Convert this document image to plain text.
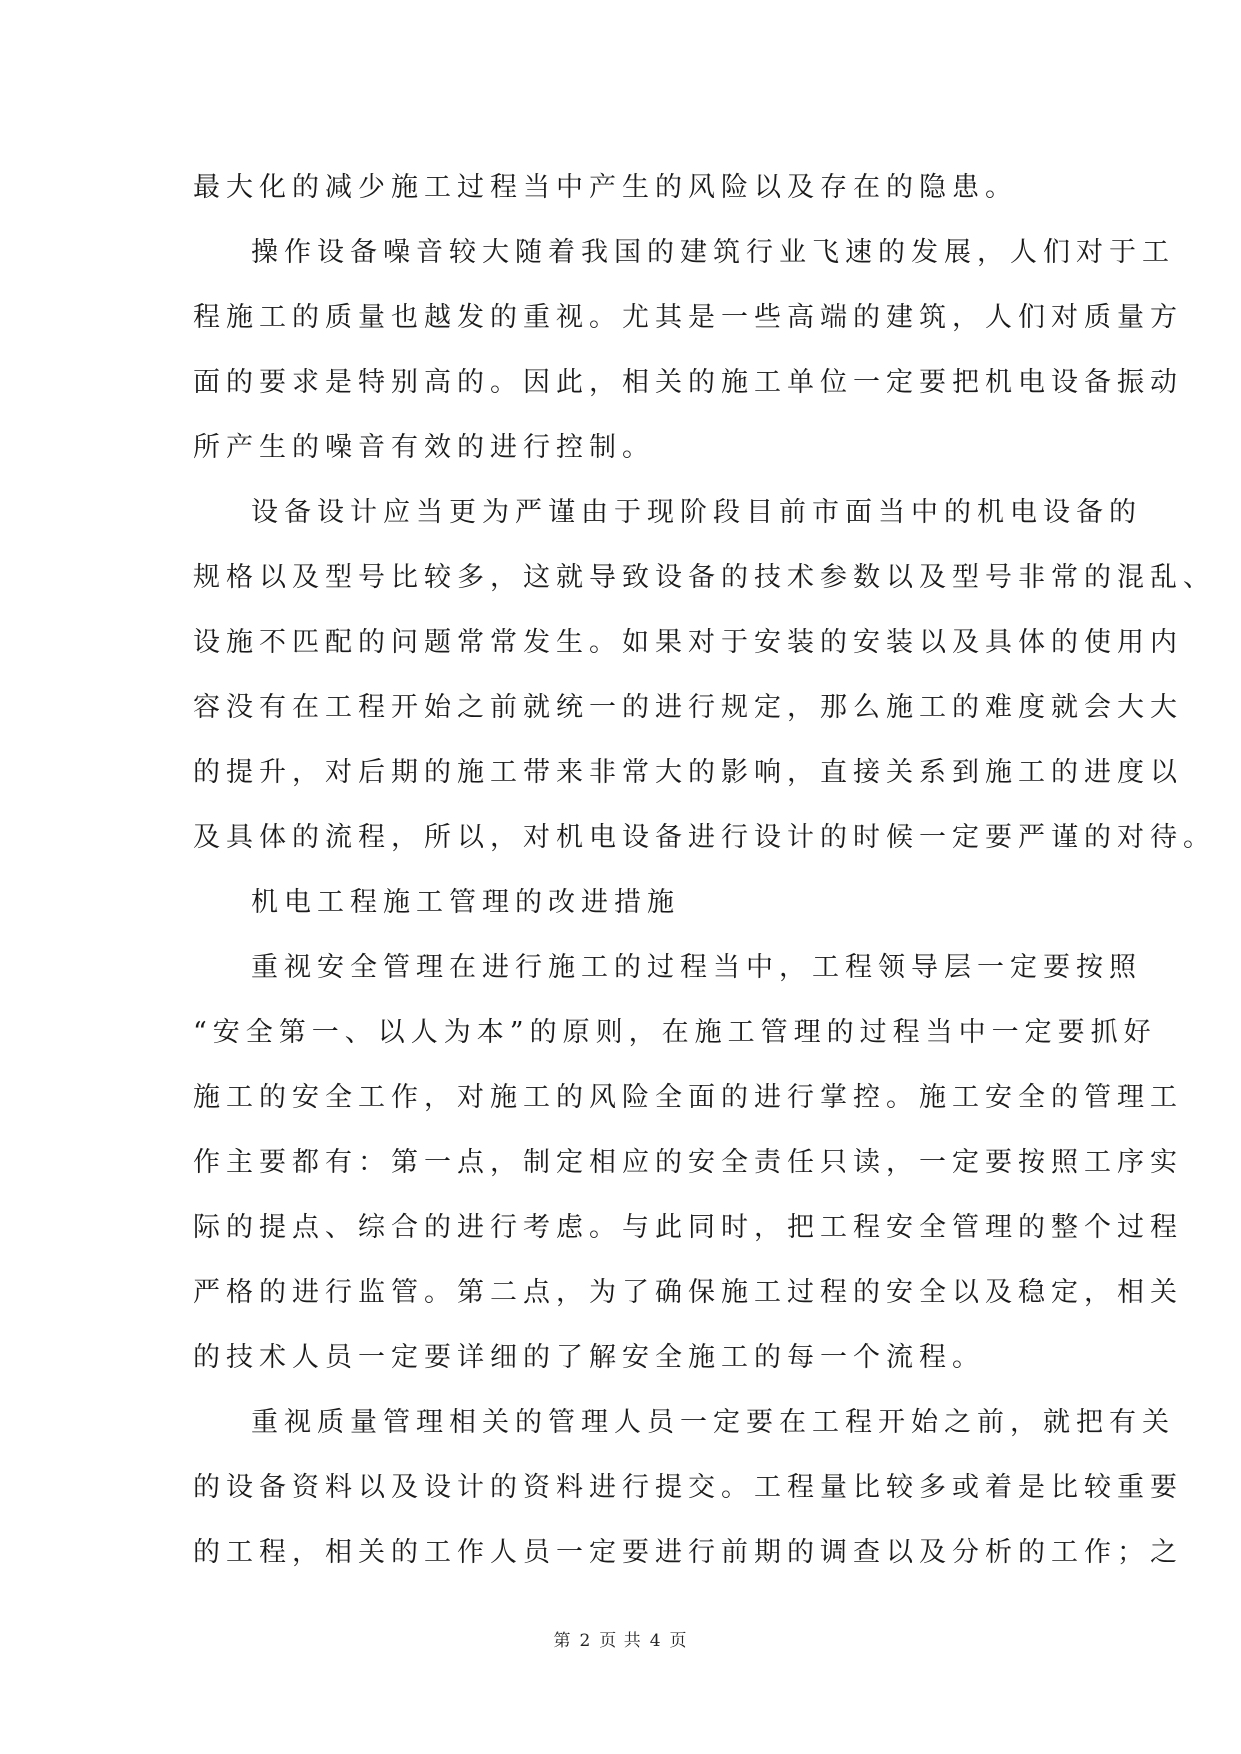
最大化的减少施工过程当中产生的风险以及存在的隐患。
操作设备噪音较大随着我国的建筑行业飞速的发展，人们对于工
程施工的质量也越发的重视。尤其是一些高端的建筑，人们对质量方
面的要求是特别高的。因此，相关的施工单位一定要把机电设备振动
所产生的噪音有效的进行控制。
设备设计应当更为严谨由于现阶段目前市面当中的机电设备的
规格以及型号比较多，这就导致设备的技术参数以及型号非常的混乱、
设施不匹配的问题常常发生。如果对于安装的安装以及具体的使用内
容没有在工程开始之前就统一的进行规定，那么施工的难度就会大大
的提升，对后期的施工带来非常大的影响，直接关系到施工的进度以
及具体的流程，所以，对机电设备进行设计的时候一定要严谨的对待。
机电工程施工管理的改进措施
重视安全管理在进行施工的过程当中，工程领导层一定要按照
“安全第一、以人为本”的原则，在施工管理的过程当中一定要抓好
施工的安全工作，对施工的风险全面的进行掌控。施工安全的管理工
作主要都有：第一点，制定相应的安全责任只读，一定要按照工序实
际的提点、综合的进行考虑。与此同时，把工程安全管理的整个过程
严格的进行监管。第二点，为了确保施工过程的安全以及稳定，相关
的技术人员一定要详细的了解安全施工的每一个流程。
重视质量管理相关的管理人员一定要在工程开始之前，就把有关
的设备资料以及设计的资料进行提交。工程量比较多或着是比较重要
的工程，相关的工作人员一定要进行前期的调查以及分析的工作；之
第 2 页 共 4 页
